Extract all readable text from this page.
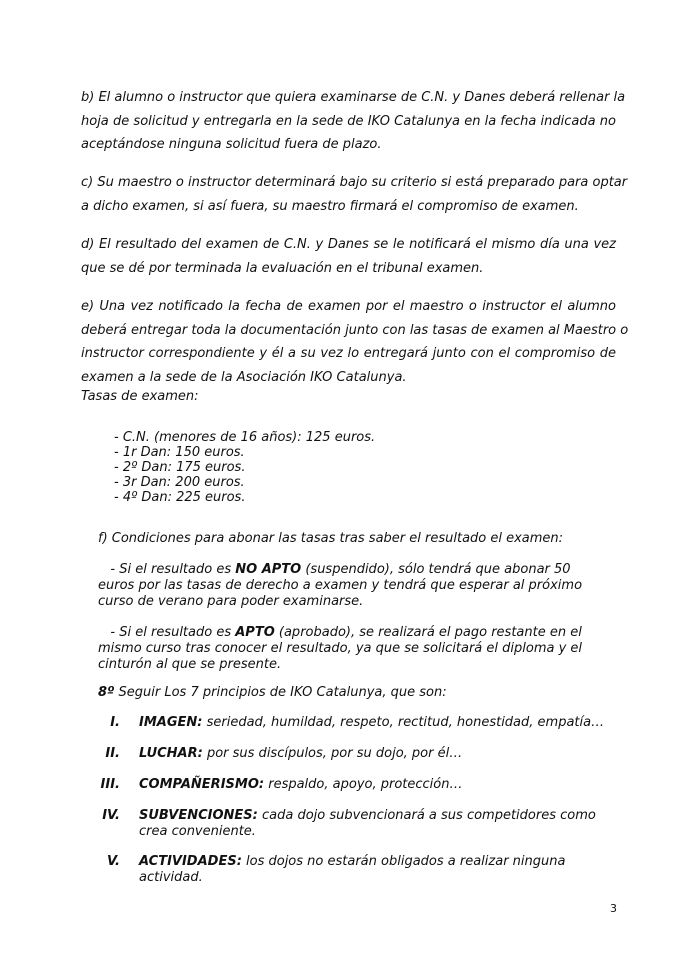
b) El alumno o instructor que quiera examinarse de C.N. y Danes deberá rellenar la
hoja de solicitud y entregarla en la sede de IKO Catalunya en la fecha indicada no
aceptándose ninguna solicitud fuera de plazo.
c) Su maestro o instructor determinará bajo su criterio si está preparado para optar
a dicho examen, si así fuera, su maestro firmará el compromiso de examen.
d) El resultado del examen de C.N. y Danes se le notificará el mismo día una vez
que se dé por terminada la evaluación en el tribunal examen.
e) Una vez notificado la fecha de examen por el maestro o instructor el alumno
deberá entregar toda la documentación junto con las tasas de examen al Maestro o
instructor correspondiente y él a su vez lo entregará junto con el compromiso de
examen a la sede de la Asociación IKO Catalunya.
Tasas de examen:
- C.N. (menores de 16 años): 125 euros.
- 1r Dan: 150 euros.
- 2º Dan: 175 euros.
- 3r Dan: 200 euros.
- 4º Dan: 225 euros.
f) Condiciones para abonar las tasas tras saber el resultado el examen:
- Si el resultado es NO APTO (suspendido), sólo tendrá que abonar 50
euros por las tasas de derecho a examen y tendrá que esperar al próximo
curso de verano para poder examinarse.
- Si el resultado es APTO (aprobado), se realizará el pago restante en el
mismo curso tras conocer el resultado, ya que se solicitará el diploma y el
cinturón al que se presente.
8º Seguir Los 7 principios de IKO Catalunya, que son:
I. IMAGEN: seriedad, humildad, respeto, rectitud, honestidad, empatía…
II. LUCHAR: por sus discípulos, por su dojo, por él…
III. COMPAÑERISMO: respaldo, apoyo, protección…
IV. SUBVENCIONES: cada dojo subvencionará a sus competidores como
crea conveniente.
V. ACTIVIDADES: los dojos no estarán obligados a realizar ninguna
actividad.
3
